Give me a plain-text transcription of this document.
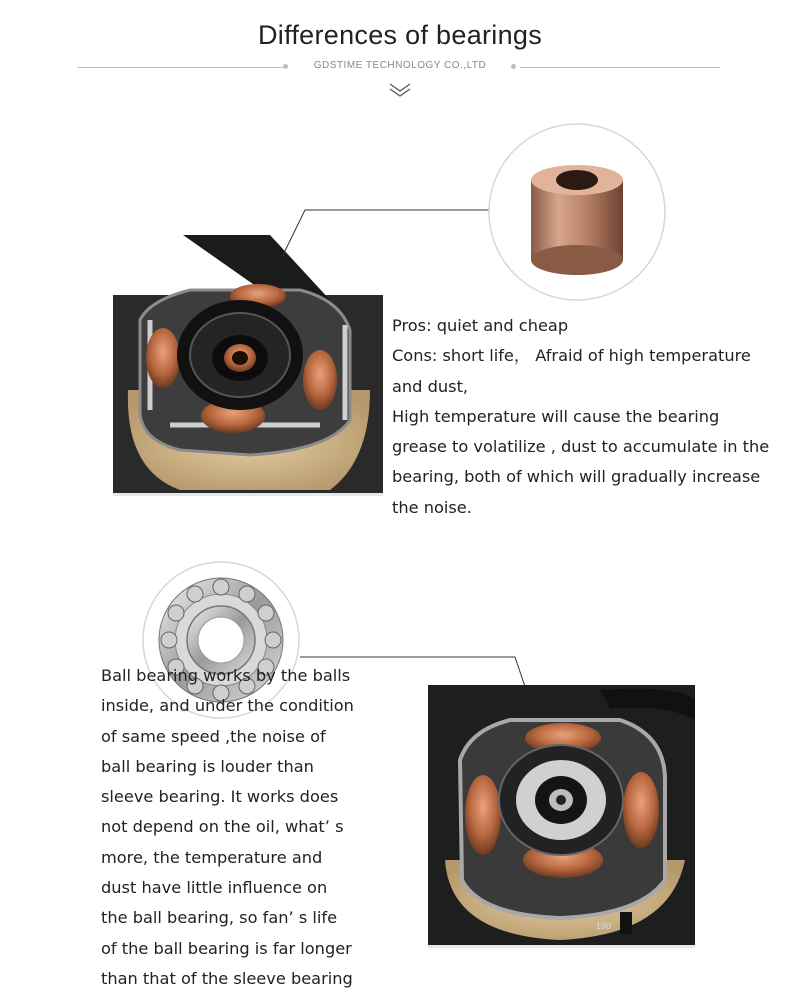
Differences of bearings
GDSTIME TECHNOLOGY CO.,LTD
190

Pros: quiet and cheap

Cons: short life， Afraid of high temperature

and dust,

High temperature will cause the bearing

grease to volatilize , dust to accumulate in the

bearing, both of which will gradually increase

the noise.

Ball bearing works by the balls

inside, and under the condition

of same speed ,the noise of

ball bearing is louder than

sleeve bearing. It works does

not depend on the oil, what’ s

more, the temperature and

dust have little influence on

the ball bearing, so fan’ s life

of the ball bearing is far longer

than that of the sleeve bearing
